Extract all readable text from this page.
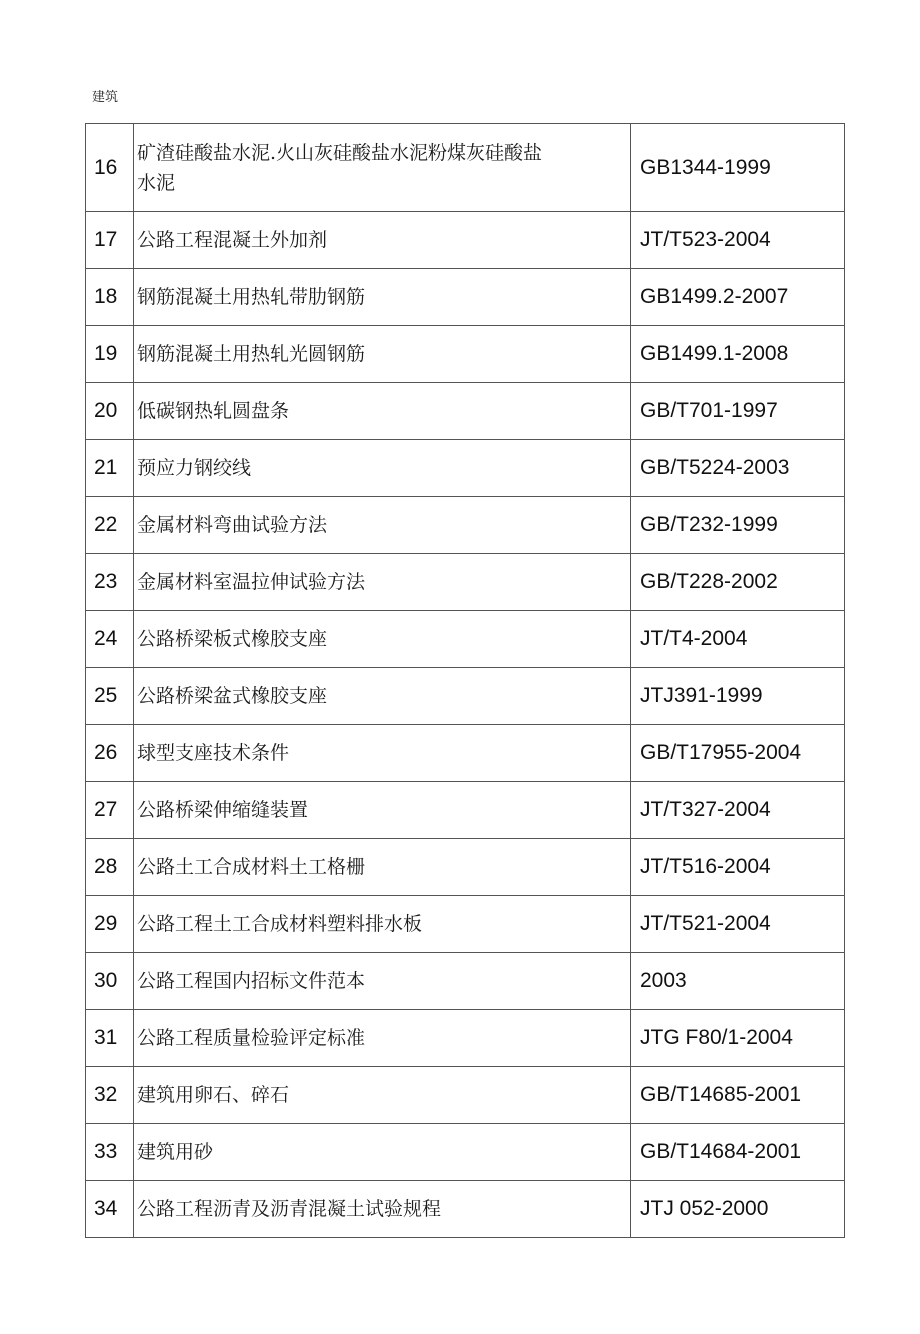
建筑
16	矿渣硅酸盐水泥.火山灰硅酸盐水泥粉煤灰硅酸盐水泥	GB1344-1999
17	公路工程混凝土外加剂	JT/T523-2004
18	钢筋混凝土用热轧带肋钢筋	GB1499.2-2007
19	钢筋混凝土用热轧光圆钢筋	GB1499.1-2008
20	低碳钢热轧圆盘条	GB/T701-1997
21	预应力钢绞线	GB/T5224-2003
22	金属材料弯曲试验方法	GB/T232-1999
23	金属材料室温拉伸试验方法	GB/T228-2002
24	公路桥梁板式橡胶支座	JT/T4-2004
25	公路桥梁盆式橡胶支座	JTJ391-1999
26	球型支座技术条件	GB/T17955-2004
27	公路桥梁伸缩缝装置	JT/T327-2004
28	公路土工合成材料土工格栅	JT/T516-2004
29	公路工程土工合成材料塑料排水板	JT/T521-2004
30	公路工程国内招标文件范本	2003
31	公路工程质量检验评定标准	JTG F80/1-2004
32	建筑用卵石、碎石	GB/T14685-2001
33	建筑用砂	GB/T14684-2001
34	公路工程沥青及沥青混凝土试验规程	JTJ 052-2000
